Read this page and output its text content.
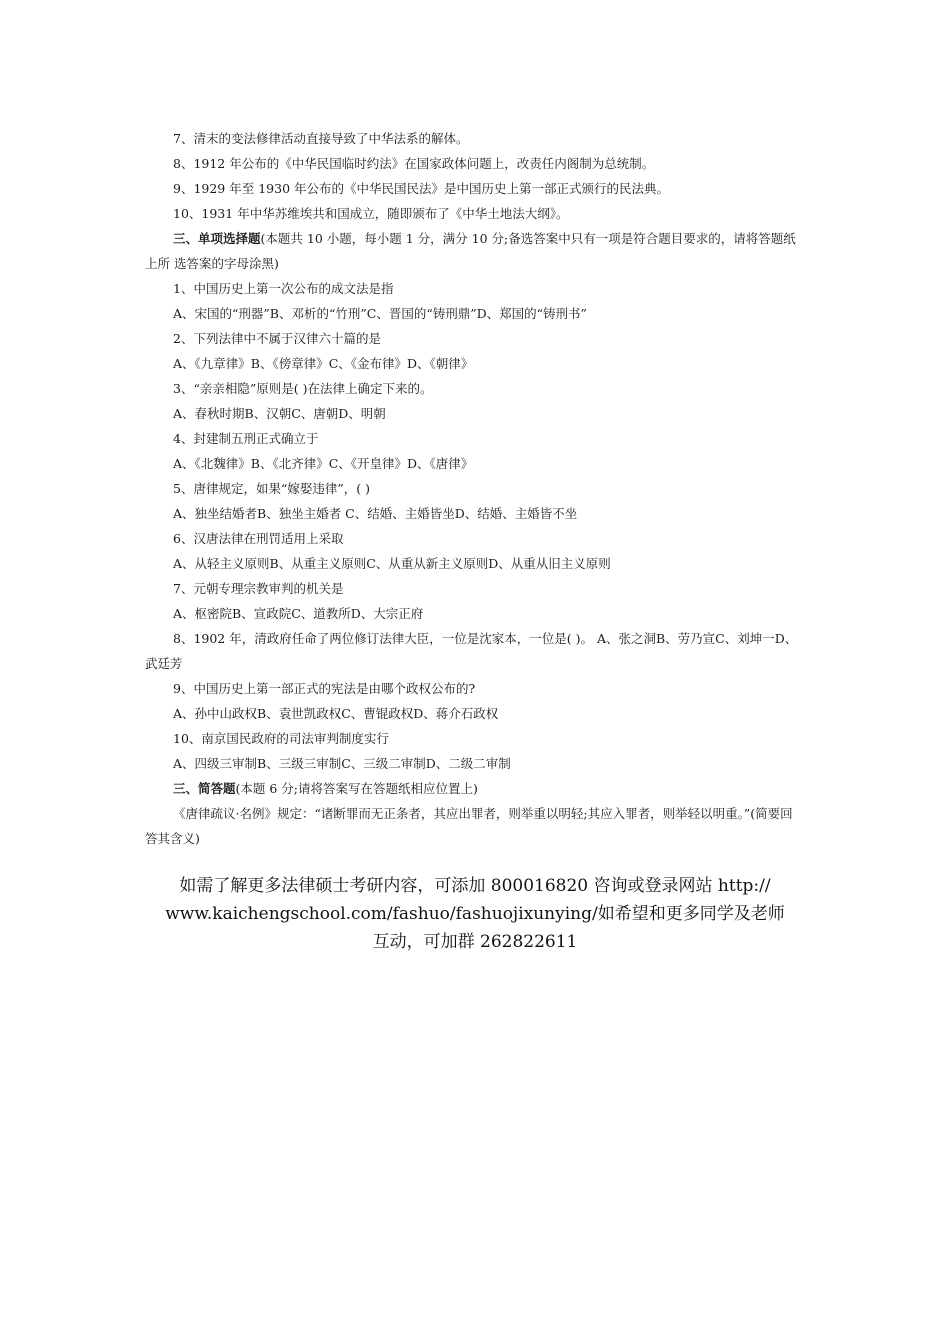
7、清末的变法修律活动直接导致了中华法系的解体。

8、1912 年公布的《中华民国临时约法》在国家政体问题上，改责任内阁制为总统制。

9、1929 年至 1930 年公布的《中华民国民法》是中国历史上第一部正式颁行的民法典。

10、1931 年中华苏维埃共和国成立，随即颁布了《中华土地法大纲》。

三、单项选择题(本题共 10 小题，每小题 1 分，满分 10 分;备选答案中只有一项是符合题目要求的，请将答题纸上所 选答案的字母涂黑)

1、中国历史上第一次公布的成文法是指

A、宋国的“刑器”B、邓析的“竹刑”C、晋国的“铸刑鼎”D、郑国的“铸刑书”

2、下列法律中不属于汉律六十篇的是

A、《九章律》B、《傍章律》C、《金布律》D、《朝律》

3、“亲亲相隐”原则是( )在法律上确定下来的。

A、春秋时期B、汉朝C、唐朝D、明朝

4、封建制五刑正式确立于

A、《北魏律》B、《北齐律》C、《开皇律》D、《唐律》

5、唐律规定，如果“嫁娶违律”，( )

A、独坐结婚者B、独坐主婚者 C、结婚、主婚皆坐D、结婚、主婚皆不坐

6、汉唐法律在刑罚适用上采取

A、从轻主义原则B、从重主义原则C、从重从新主义原则D、从重从旧主义原则

7、元朝专理宗教审判的机关是

A、枢密院B、宣政院C、道教所D、大宗正府

8、1902 年，清政府任命了两位修订法律大臣，一位是沈家本，一位是( )。 A、张之洞B、劳乃宣C、刘坤一D、武廷芳

9、中国历史上第一部正式的宪法是由哪个政权公布的?

A、孙中山政权B、袁世凯政权C、曹锟政权D、蒋介石政权

10、南京国民政府的司法审判制度实行

A、四级三审制B、三级三审制C、三级二审制D、二级二审制

三、简答题(本题 6 分;请将答案写在答题纸相应位置上)

《唐律疏议·名例》规定：“诸断罪而无正条者，其应出罪者，则举重以明轻;其应入罪者，则举轻以明重。”(简要回答其含义)

如需了解更多法律硕士考研内容，可添加 800016820 咨询或登录网站 http://
www.kaichengschool.com/fashuo/fashuojixunying/如希望和更多同学及老师
互动，可加群 262822611
